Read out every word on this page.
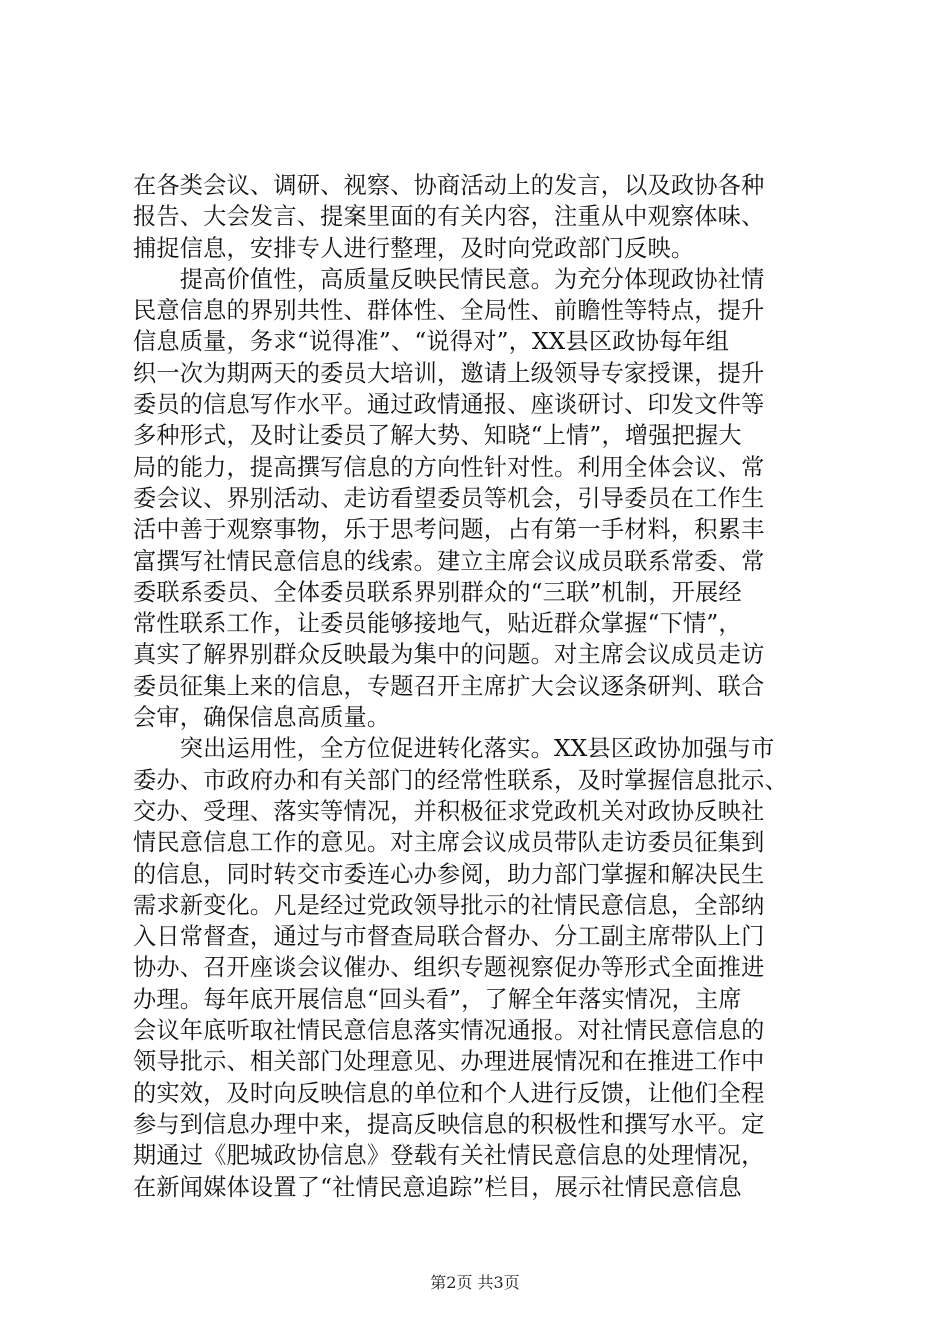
在各类会议、调研、视察、协商活动上的发言，以及政协各种
报告、大会发言、提案里面的有关内容，注重从中观察体味、
捕捉信息，安排专人进行整理，及时向党政部门反映。
　　提高价值性，高质量反映民情民意。为充分体现政协社情
民意信息的界别共性、群体性、全局性、前瞻性等特点，提升
信息质量，务求“说得准”、“说得对”，XX县区政协每年组
织一次为期两天的委员大培训，邀请上级领导专家授课，提升
委员的信息写作水平。通过政情通报、座谈研讨、印发文件等
多种形式，及时让委员了解大势、知晓“上情”，增强把握大
局的能力，提高撰写信息的方向性针对性。利用全体会议、常
委会议、界别活动、走访看望委员等机会，引导委员在工作生
活中善于观察事物，乐于思考问题，占有第一手材料，积累丰
富撰写社情民意信息的线索。建立主席会议成员联系常委、常
委联系委员、全体委员联系界别群众的“三联”机制，开展经
常性联系工作，让委员能够接地气，贴近群众掌握“下情”，
真实了解界别群众反映最为集中的问题。对主席会议成员走访
委员征集上来的信息，专题召开主席扩大会议逐条研判、联合
会审，确保信息高质量。
　　突出运用性，全方位促进转化落实。XX县区政协加强与市
委办、市政府办和有关部门的经常性联系，及时掌握信息批示、
交办、受理、落实等情况，并积极征求党政机关对政协反映社
情民意信息工作的意见。对主席会议成员带队走访委员征集到
的信息，同时转交市委连心办参阅，助力部门掌握和解决民生
需求新变化。凡是经过党政领导批示的社情民意信息，全部纳
入日常督查，通过与市督查局联合督办、分工副主席带队上门
协办、召开座谈会议催办、组织专题视察促办等形式全面推进
办理。每年底开展信息“回头看”，了解全年落实情况，主席
会议年底听取社情民意信息落实情况通报。对社情民意信息的
领导批示、相关部门处理意见、办理进展情况和在推进工作中
的实效，及时向反映信息的单位和个人进行反馈，让他们全程
参与到信息办理中来，提高反映信息的积极性和撰写水平。定
期通过《肥城政协信息》登载有关社情民意信息的处理情况，
在新闻媒体设置了“社情民意追踪”栏目，展示社情民意信息
第2页 共3页
